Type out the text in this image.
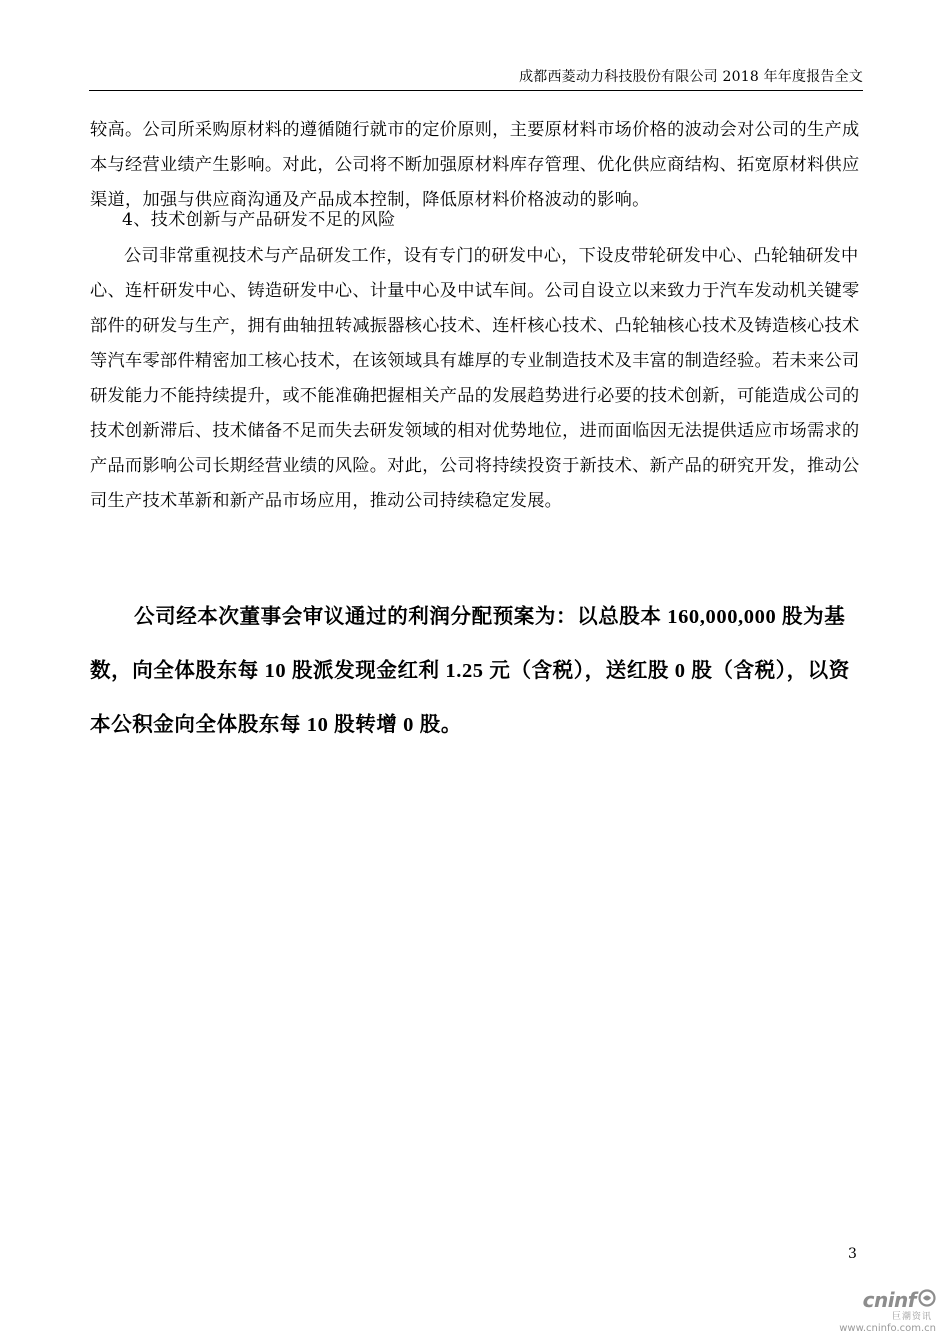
成都西菱动力科技股份有限公司 2018 年年度报告全文

较高。公司所采购原材料的遵循随行就市的定价原则，主要原材料市场价格的波动会对公司的生产成本与经营业绩产生影响。对此，公司将不断加强原材料库存管理、优化供应商结构、拓宽原材料供应渠道，加强与供应商沟通及产品成本控制，降低原材料价格波动的影响。

4、技术创新与产品研发不足的风险

公司非常重视技术与产品研发工作，设有专门的研发中心，下设皮带轮研发中心、凸轮轴研发中心、连杆研发中心、铸造研发中心、计量中心及中试车间。公司自设立以来致力于汽车发动机关键零部件的研发与生产，拥有曲轴扭转减振器核心技术、连杆核心技术、凸轮轴核心技术及铸造核心技术等汽车零部件精密加工核心技术，在该领域具有雄厚的专业制造技术及丰富的制造经验。若未来公司研发能力不能持续提升，或不能准确把握相关产品的发展趋势进行必要的技术创新，可能造成公司的技术创新滞后、技术储备不足而失去研发领域的相对优势地位，进而面临因无法提供适应市场需求的产品而影响公司长期经营业绩的风险。对此，公司将持续投资于新技术、新产品的研究开发，推动公司生产技术革新和新产品市场应用，推动公司持续稳定发展。

公司经本次董事会审议通过的利润分配预案为：以总股本 160,000,000 股为基数，向全体股东每 10 股派发现金红利 1.25 元（含税），送红股 0 股（含税），以资本公积金向全体股东每 10 股转增 0 股。

3
cninf
巨潮资讯
www.cninfo.com.cn
